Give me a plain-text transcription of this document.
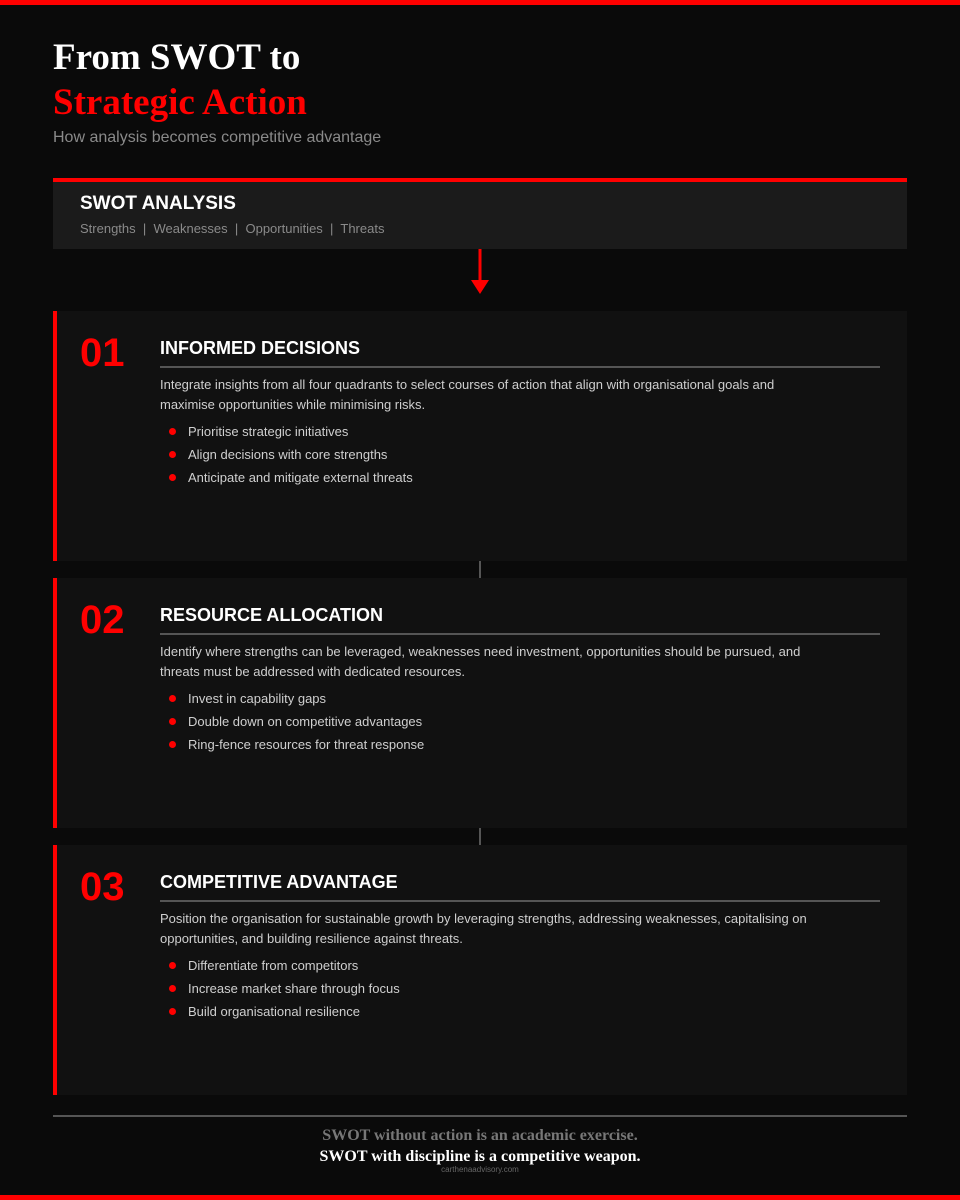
From SWOT to
Strategic Action
How analysis becomes competitive advantage
SWOT ANALYSIS
Strengths  |  Weaknesses  |  Opportunities  |  Threats
01 INFORMED DECISIONS
Integrate insights from all four quadrants to select courses of action that align with organisational goals and maximise opportunities while minimising risks.
Prioritise strategic initiatives
Align decisions with core strengths
Anticipate and mitigate external threats
02 RESOURCE ALLOCATION
Identify where strengths can be leveraged, weaknesses need investment, opportunities should be pursued, and threats must be addressed with dedicated resources.
Invest in capability gaps
Double down on competitive advantages
Ring-fence resources for threat response
03 COMPETITIVE ADVANTAGE
Position the organisation for sustainable growth by leveraging strengths, addressing weaknesses, capitalising on opportunities, and building resilience against threats.
Differentiate from competitors
Increase market share through focus
Build organisational resilience
SWOT without action is an academic exercise.
SWOT with discipline is a competitive weapon.
carthenaadvisory.com
